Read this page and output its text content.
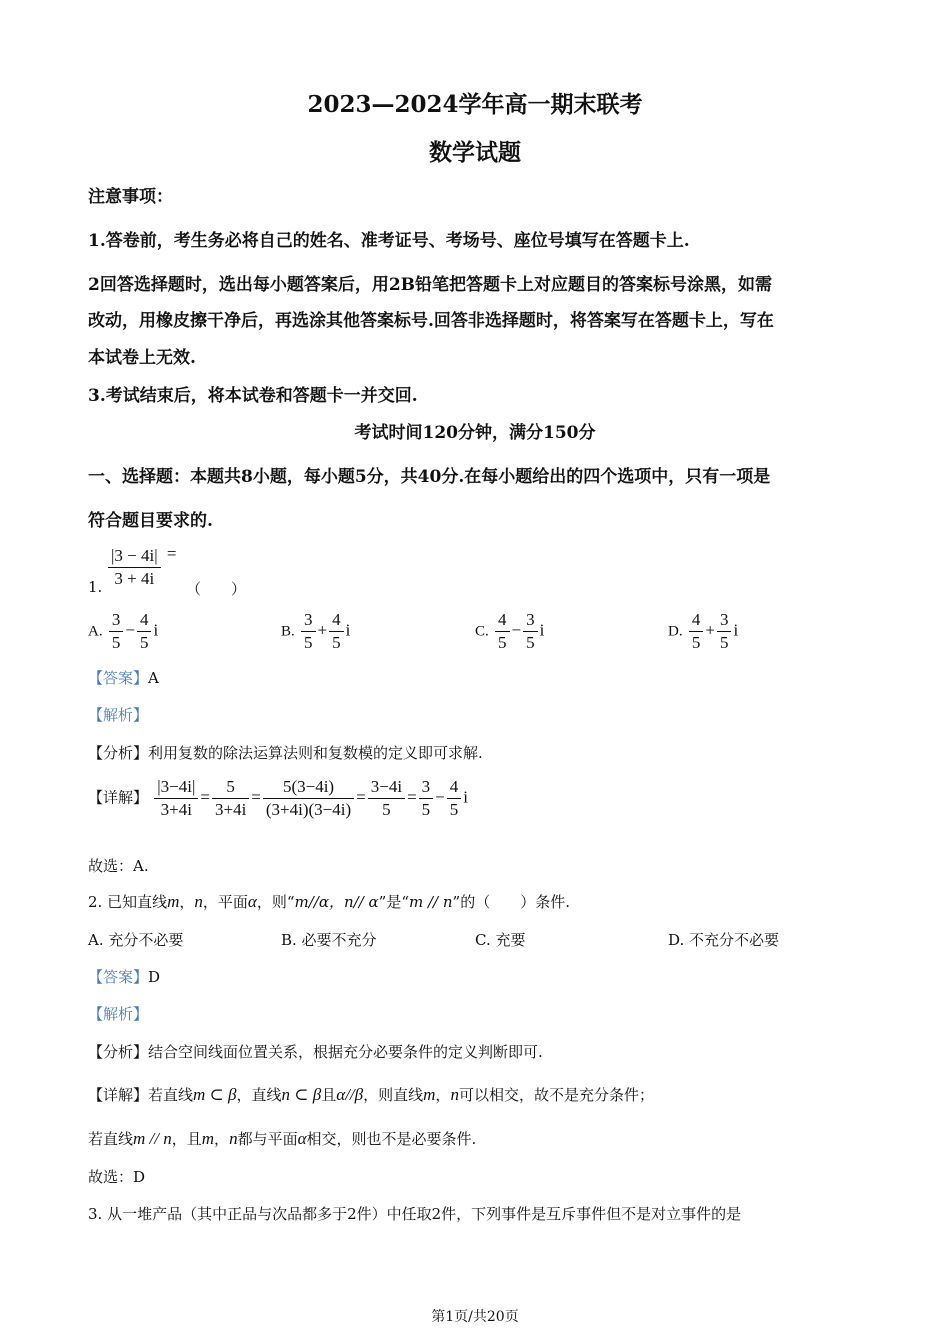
2023—2024学年高一期末联考
数学试题
注意事项：
1.答卷前，考生务必将自己的姓名、准考证号、考场号、座位号填写在答题卡上.
2回答选择题时，选出每小题答案后，用2B铅笔把答题卡上对应题目的答案标号涂黑，如需
改动，用橡皮擦干净后，再选涂其他答案标号.回答非选择题时，将答案写在答题卡上，写在
本试卷上无效.
3.考试结束后，将本试卷和答题卡一并交回.
考试时间120分钟，满分150分
一、选择题：本题共8小题，每小题5分，共40分.在每小题给出的四个选项中，只有一项是
符合题目要求的.
1. $\frac{|3 - 4i|}{3 + 4i}$ =
（　　）
A. $\frac{3}{5} - \frac{4}{5}$ i	B. $\frac{3}{5} + \frac{4}{5}$ i	C. $\frac{4}{5} - \frac{3}{5}$ i	D. $\frac{4}{5} + \frac{3}{5}$ i
【答案】A
【解析】
【分析】利用复数的除法运算法则和复数模的定义即可求解.
【详解】 $\frac{|3-4i|}{3+4i} = \frac{5}{3+4i} = \frac{5(3-4i)}{(3+4i)(3-4i)} = \frac{3-4i}{5} = \frac{3}{5} - \frac{4}{5}$ i
故选：A.
2. 已知直线m，n，平面α，则“m//α，n// α”是“m // n”的（　　）条件.
A. 充分不必要	B. 必要不充分	C. 充要	D. 不充分不必要
【答案】D
【解析】
【分析】结合空间线面位置关系，根据充分必要条件的定义判断即可.
【详解】若直线m ⊂ β，直线n ⊂ β且α//β，则直线m，n可以相交，故不是充分条件；
若直线m // n，且m，n都与平面α相交，则也不是必要条件.
故选：D
3. 从一堆产品（其中正品与次品都多于2件）中任取2件，下列事件是互斥事件但不是对立事件的是
第1页/共20页
